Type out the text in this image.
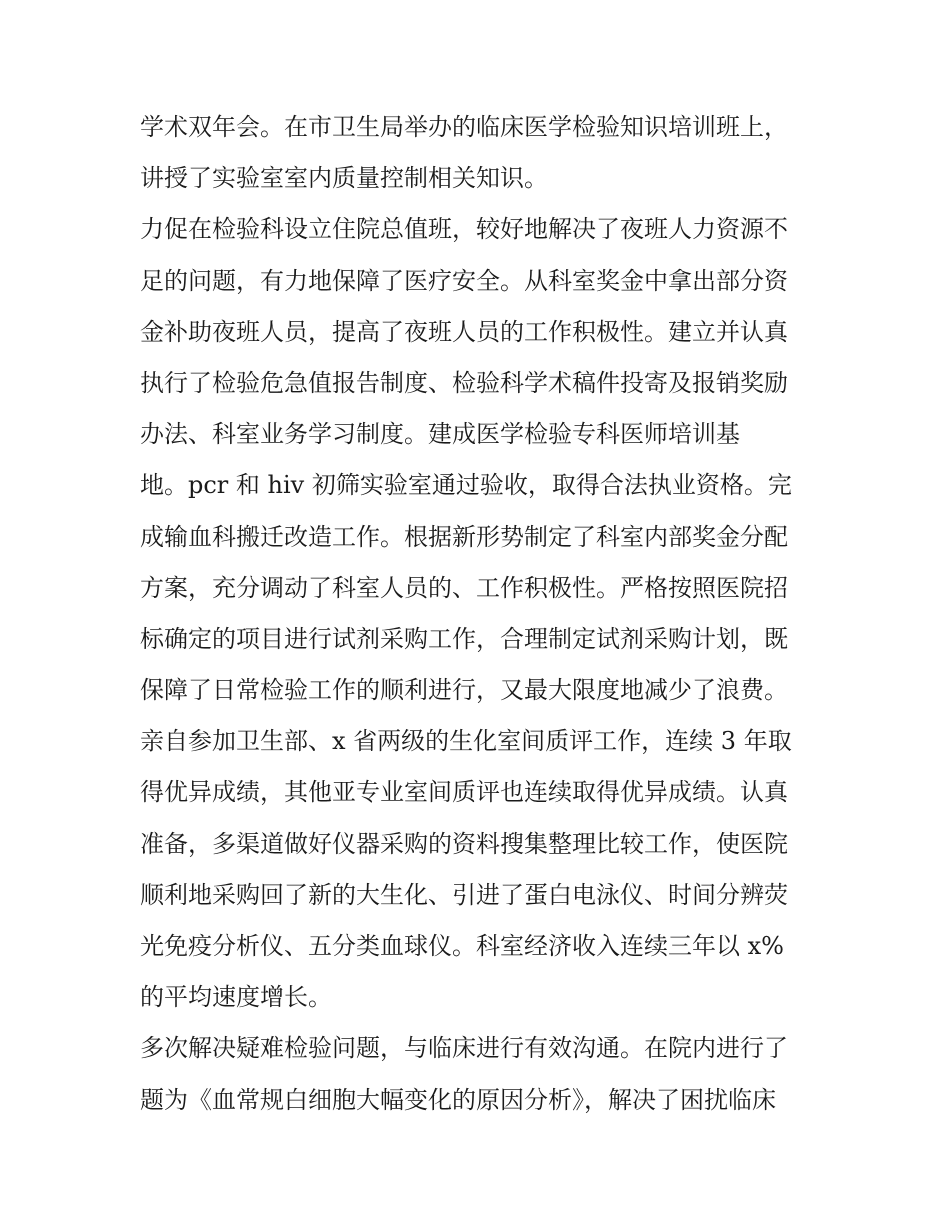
学术双年会。在市卫生局举办的临床医学检验知识培训班上，
讲授了实验室室内质量控制相关知识。
力促在检验科设立住院总值班，较好地解决了夜班人力资源不
足的问题，有力地保障了医疗安全。从科室奖金中拿出部分资
金补助夜班人员，提高了夜班人员的工作积极性。建立并认真
执行了检验危急值报告制度、检验科学术稿件投寄及报销奖励
办法、科室业务学习制度。建成医学检验专科医师培训基
地。pcr 和 hiv 初筛实验室通过验收，取得合法执业资格。完
成输血科搬迁改造工作。根据新形势制定了科室内部奖金分配
方案，充分调动了科室人员的、工作积极性。严格按照医院招
标确定的项目进行试剂采购工作，合理制定试剂采购计划，既
保障了日常检验工作的顺利进行，又最大限度地减少了浪费。
亲自参加卫生部、x 省两级的生化室间质评工作，连续 3 年取
得优异成绩，其他亚专业室间质评也连续取得优异成绩。认真
准备，多渠道做好仪器采购的资料搜集整理比较工作，使医院
顺利地采购回了新的大生化、引进了蛋白电泳仪、时间分辨荧
光免疫分析仪、五分类血球仪。科室经济收入连续三年以 x%
的平均速度增长。
多次解决疑难检验问题，与临床进行有效沟通。在院内进行了
题为《血常规白细胞大幅变化的原因分析》，解决了困扰临床
